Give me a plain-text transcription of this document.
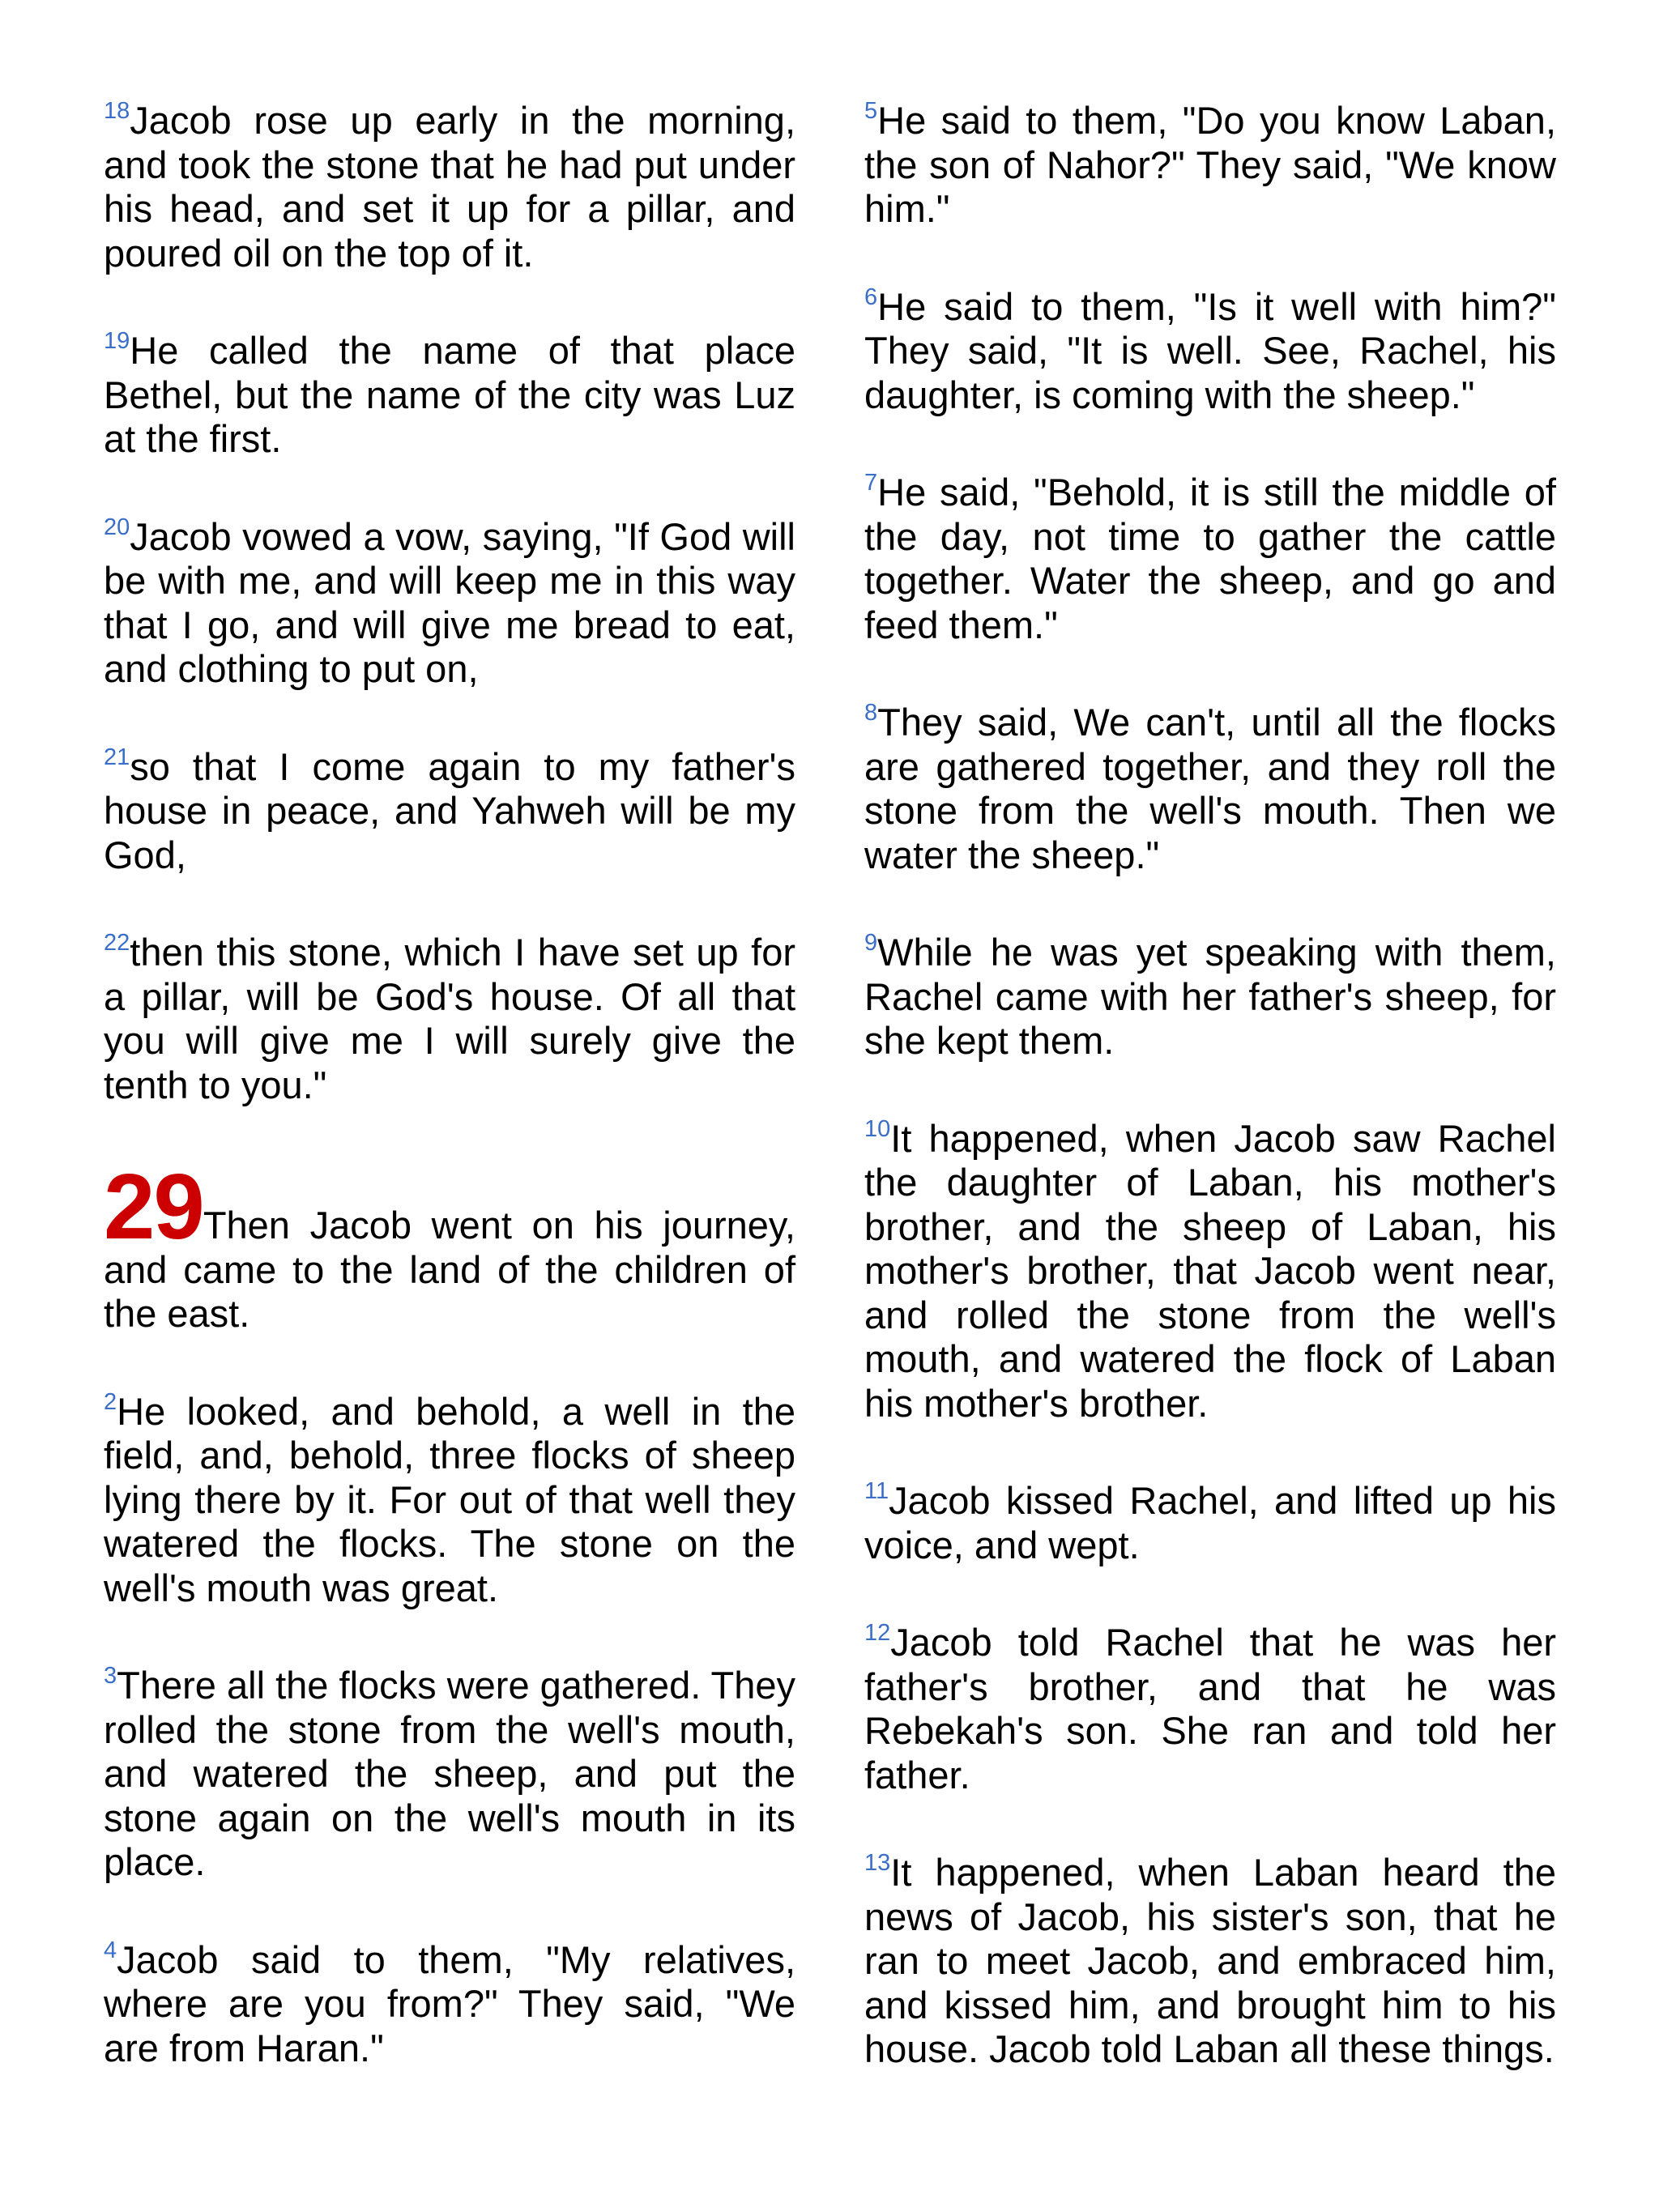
$^{18}$Jacob rose up early in the morning, and took the stone that he had put under his head, and set it up for a pillar, and poured oil on the top of it.

$^{19}$He called the name of that place Bethel, but the name of the city was Luz at the first.

$^{20}$Jacob vowed a vow, saying, "If God will be with me, and will keep me in this way that I go, and will give me bread to eat, and clothing to put on,

$^{21}$so that I come again to my father's house in peace, and Yahweh will be my God,

$^{22}$then this stone, which I have set up for a pillar, will be God's house. Of all that you will give me I will surely give the tenth to you."

29Then Jacob went on his journey, and came to the land of the children of the east.

$^2$He looked, and behold, a well in the field, and, behold, three flocks of sheep lying there by it. For out of that well they watered the flocks. The stone on the well's mouth was great.

$^3$There all the flocks were gathered. They rolled the stone from the well's mouth, and watered the sheep, and put the stone again on the well's mouth in its place.

$^4$Jacob said to them, "My relatives, where are you from?" They said, "We are from Haran."

$^5$He said to them, "Do you know Laban, the son of Nahor?" They said, "We know him."

$^6$He said to them, "Is it well with him?" They said, "It is well. See, Rachel, his daughter, is coming with the sheep."

$^7$He said, "Behold, it is still the middle of the day, not time to gather the cattle together. Water the sheep, and go and feed them."

$^8$They said, We can't, until all the flocks are gathered together, and they roll the stone from the well's mouth. Then we water the sheep."

$^9$While he was yet speaking with them, Rachel came with her father's sheep, for she kept them.

$^{10}$It happened, when Jacob saw Rachel the daughter of Laban, his mother's brother, and the sheep of Laban, his mother's brother, that Jacob went near, and rolled the stone from the well's mouth, and watered the flock of Laban his mother's brother.

$^{11}$Jacob kissed Rachel, and lifted up his voice, and wept.

$^{12}$Jacob told Rachel that he was her father's brother, and that he was Rebekah's son. She ran and told her father.

$^{13}$It happened, when Laban heard the news of Jacob, his sister's son, that he ran to meet Jacob, and embraced him, and kissed him, and brought him to his house. Jacob told Laban all these things.
